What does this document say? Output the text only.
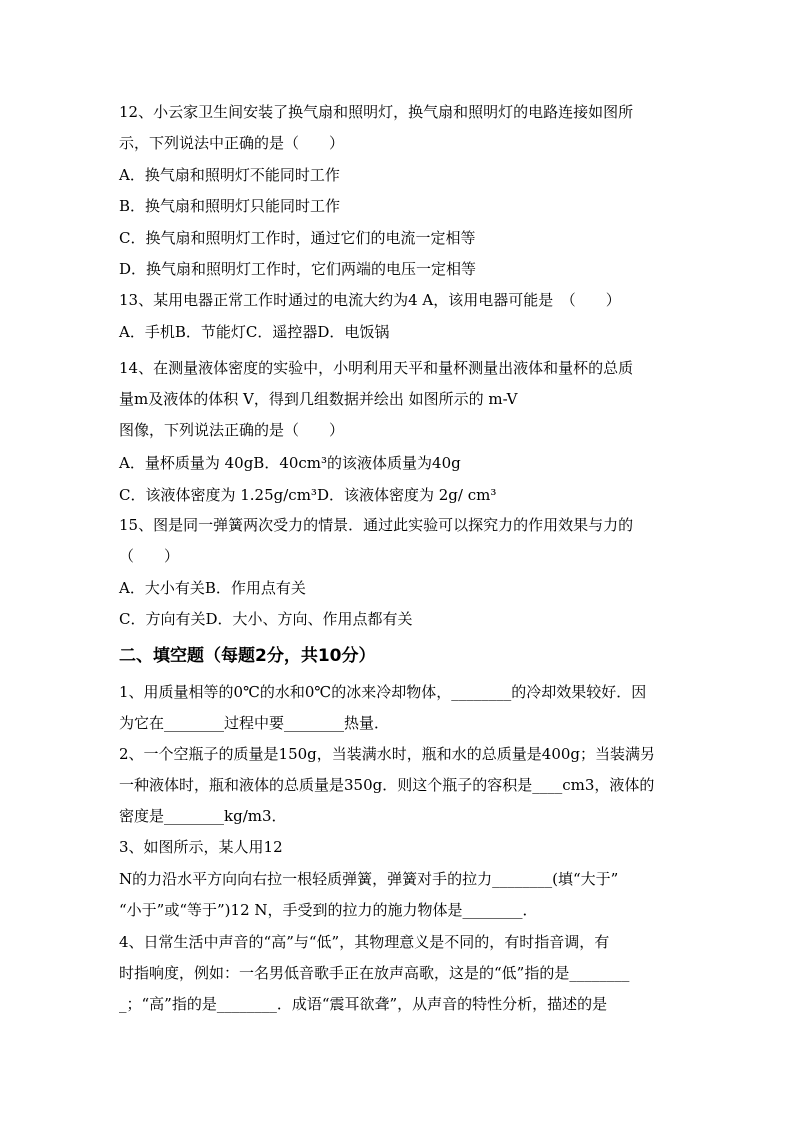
12、小云家卫生间安装了换气扇和照明灯，换气扇和照明灯的电路连接如图所
示，下列说法中正确的是（　　）
A．换气扇和照明灯不能同时工作
B．换气扇和照明灯只能同时工作
C．换气扇和照明灯工作时，通过它们的电流一定相等
D．换气扇和照明灯工作时，它们两端的电压一定相等
13、某用电器正常工作时通过的电流大约为4 A，该用电器可能是　（　　）
A．手机B．节能灯C．遥控器D．电饭锅
14、在测量液体密度的实验中，小明利用天平和量杯测量出液体和量杯的总质
量m及液体的体积 V，得到几组数据并绘出 如图所示的 m-V
图像，下列说法正确的是（　　）
A．量杯质量为 40gB．40cm³的该液体质量为40g
C．该液体密度为 1.25g/cm³D．该液体密度为 2g/ cm³
15、图是同一弹簧两次受力的情景．通过此实验可以探究力的作用效果与力的
（　　）
A．大小有关B．作用点有关
C．方向有关D．大小、方向、作用点都有关
二、填空题（每题2分，共10分）
1、用质量相等的0℃的水和0℃的冰来冷却物体，________的冷却效果较好．因
为它在________过程中要________热量．
2、一个空瓶子的质量是150g，当装满水时，瓶和水的总质量是400g；当装满另
一种液体时，瓶和液体的总质量是350g．则这个瓶子的容积是____cm3，液体的
密度是________kg/m3．
3、如图所示，某人用12
N的力沿水平方向向右拉一根轻质弹簧，弹簧对手的拉力________(填“大于”
“小于”或“等于”)12 N，手受到的拉力的施力物体是________．
4、日常生活中声音的“高”与“低”，其物理意义是不同的，有时指音调，有
时指响度，例如：一名男低音歌手正在放声高歌，这是的“低”指的是________
_；“高”指的是________．成语“震耳欲聋”，从声音的特性分析，描述的是
